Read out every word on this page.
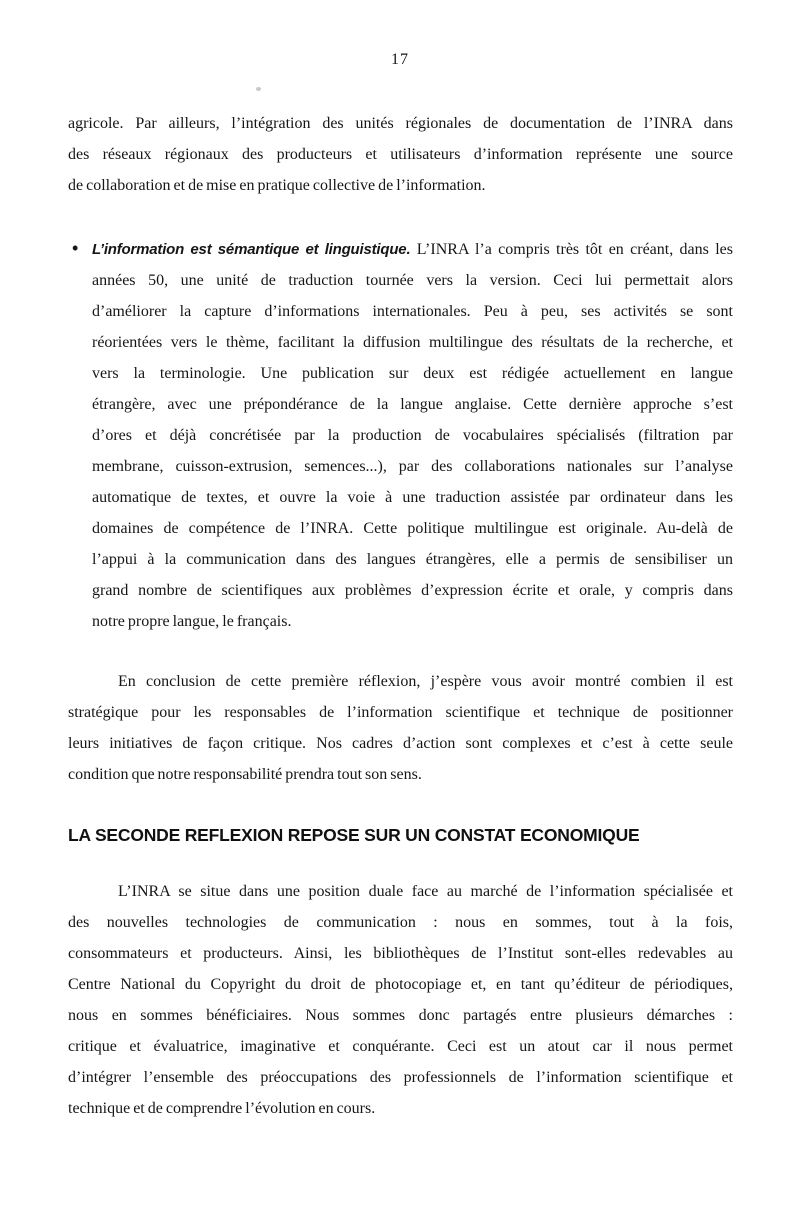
17
agricole. Par ailleurs, l’intégration des unités régionales de documentation de l’INRA dans
des réseaux régionaux des producteurs et utilisateurs d’information représente une source
de collaboration et de mise en pratique collective de l’information.
• L’information est sémantique et linguistique. L’INRA l’a compris très tôt en créant, dans les
années 50, une unité de traduction tournée vers la version. Ceci lui permettait alors
d’améliorer la capture d’informations internationales. Peu à peu, ses activités se sont
réorientées vers le thème, facilitant la diffusion multilingue des résultats de la recherche, et
vers la terminologie. Une publication sur deux est rédigée actuellement en langue
étrangère, avec une prépondérance de la langue anglaise. Cette dernière approche s’est
d’ores et déjà concrétisée par la production de vocabulaires spécialisés (filtration par
membrane, cuisson-extrusion, semences...), par des collaborations nationales sur l’analyse
automatique de textes, et ouvre la voie à une traduction assistée par ordinateur dans les
domaines de compétence de l’INRA. Cette politique multilingue est originale. Au-delà de
l’appui à la communication dans des langues étrangères, elle a permis de sensibiliser un
grand nombre de scientifiques aux problèmes d’expression écrite et orale, y compris dans
notre propre langue, le français.
En conclusion de cette première réflexion, j’espère vous avoir montré combien il est
stratégique pour les responsables de l’information scientifique et technique de positionner
leurs initiatives de façon critique. Nos cadres d’action sont complexes et c’est à cette seule
condition que notre responsabilité prendra tout son sens.
LA SECONDE REFLEXION REPOSE SUR UN CONSTAT ECONOMIQUE
L’INRA se situe dans une position duale face au marché de l’information spécialisée et
des nouvelles technologies de communication : nous en sommes, tout à la fois,
consommateurs et producteurs. Ainsi, les bibliothèques de l’Institut sont-elles redevables au
Centre National du Copyright du droit de photocopiage et, en tant qu’éditeur de périodiques,
nous en sommes bénéficiaires. Nous sommes donc partagés entre plusieurs démarches :
critique et évaluatrice, imaginative et conquérante. Ceci est un atout car il nous permet
d’intégrer l’ensemble des préoccupations des professionnels de l’information scientifique et
technique et de comprendre l’évolution en cours.
